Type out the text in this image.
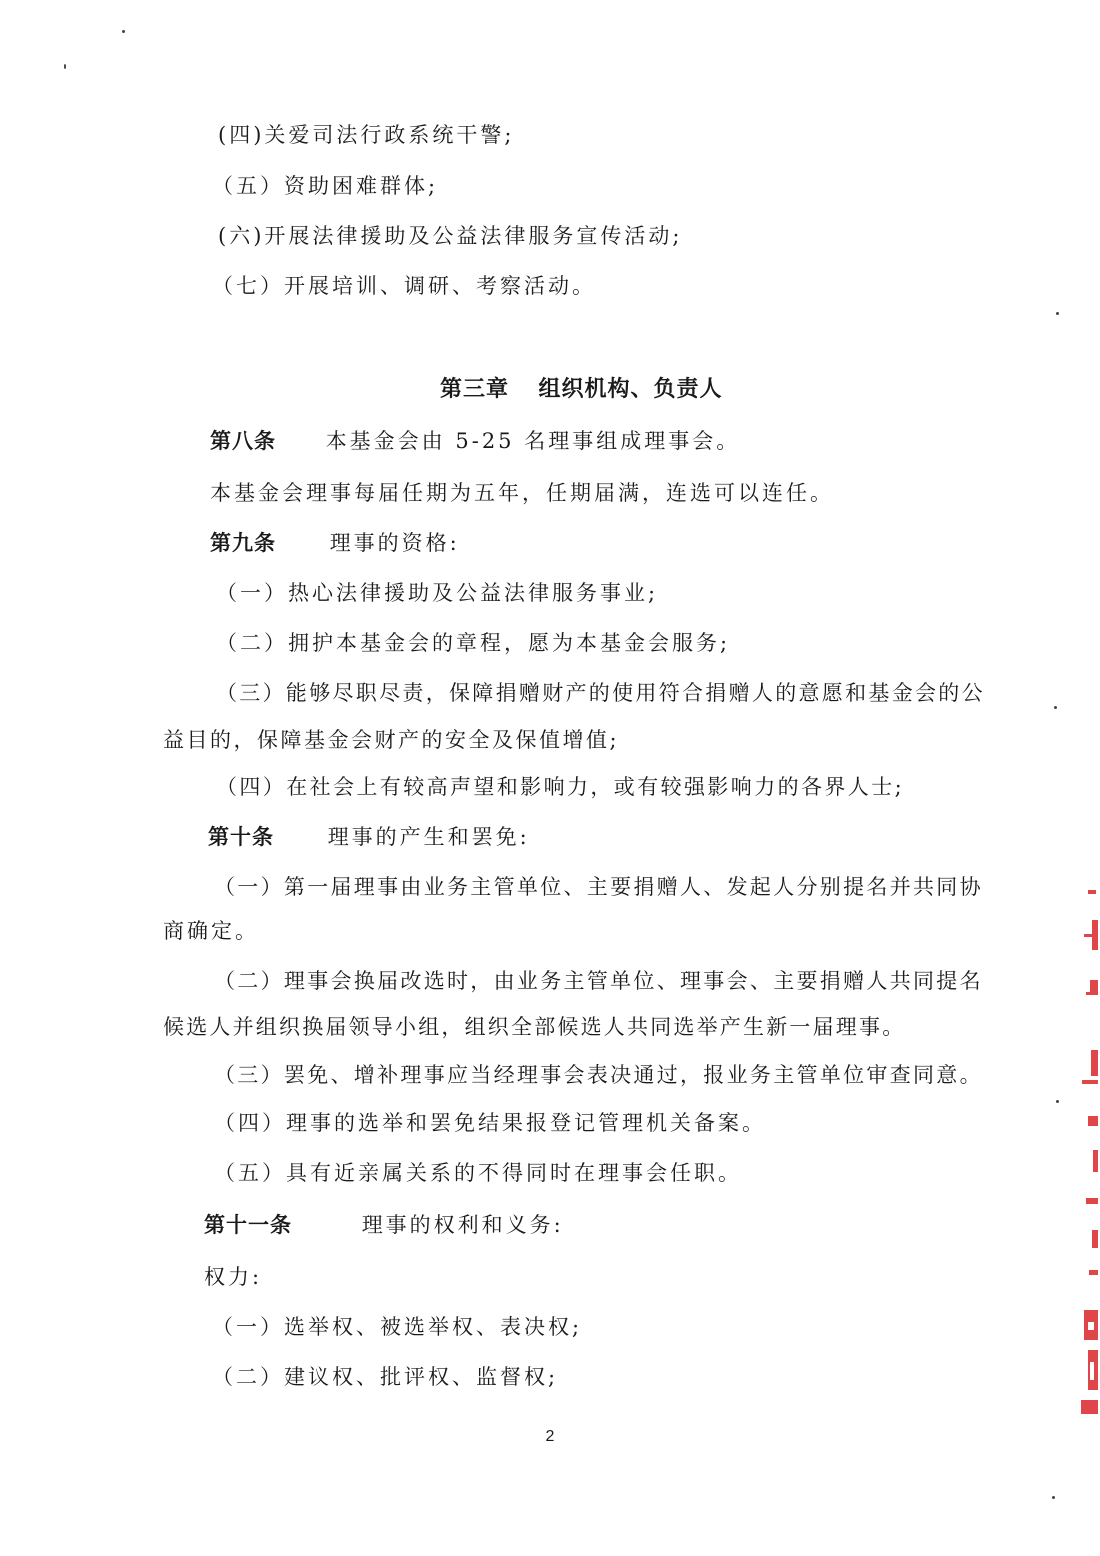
(四)关爱司法行政系统干警;
（五）资助困难群体;
(六)开展法律援助及公益法律服务宣传活动;
（七）开展培训、调研、考察活动。
第三章　 组织机构、负责人
第八条 本基金会由 5-25 名理事组成理事会。
本基金会理事每届任期为五年，任期届满，连选可以连任。
第九条	理事的资格:
（一）热心法律援助及公益法律服务事业;
（二）拥护本基金会的章程，愿为本基金会服务;
（三）能够尽职尽责，保障捐赠财产的使用符合捐赠人的意愿和基金会的公
益目的，保障基金会财产的安全及保值增值;
（四）在社会上有较高声望和影响力，或有较强影响力的各界人士;
第十条	理事的产生和罢免:
（一）第一届理事由业务主管单位、主要捐赠人、发起人分别提名并共同协
商确定。
（二）理事会换届改选时，由业务主管单位、理事会、主要捐赠人共同提名
候选人并组织换届领导小组，组织全部候选人共同选举产生新一届理事。
（三）罢免、增补理事应当经理事会表决通过，报业务主管单位审查同意。
（四）理事的选举和罢免结果报登记管理机关备案。
（五）具有近亲属关系的不得同时在理事会任职。
第十一条	理事的权利和义务:
权力:
（一）选举权、被选举权、表决权;
（二）建议权、批评权、监督权;
2
